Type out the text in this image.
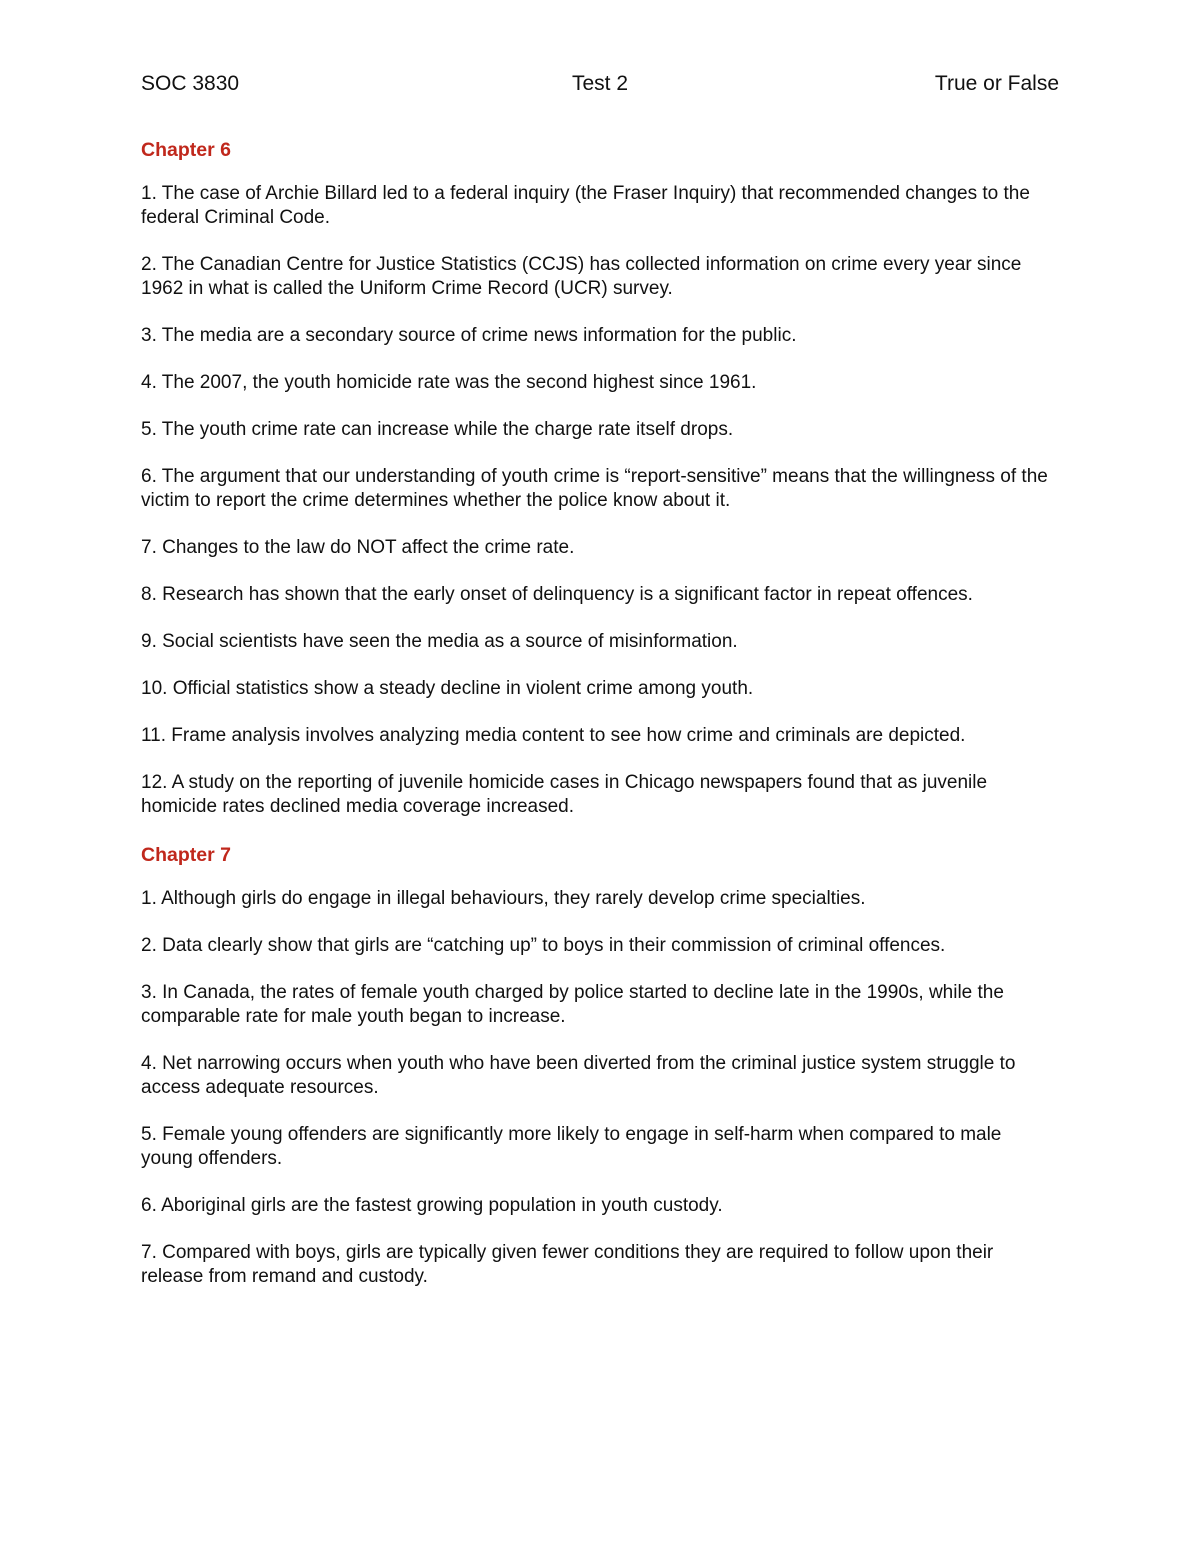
SOC 3830	Test 2	True or False
Chapter 6

1. The case of Archie Billard led to a federal inquiry (the Fraser Inquiry) that recommended changes to the federal Criminal Code.

2. The Canadian Centre for Justice Statistics (CCJS) has collected information on crime every year since 1962 in what is called the Uniform Crime Record (UCR) survey.

3. The media are a secondary source of crime news information for the public.

4. The 2007, the youth homicide rate was the second highest since 1961.

5. The youth crime rate can increase while the charge rate itself drops.

6. The argument that our understanding of youth crime is “report-sensitive” means that the willingness of the victim to report the crime determines whether the police know about it.

7. Changes to the law do NOT affect the crime rate.

8. Research has shown that the early onset of delinquency is a significant factor in repeat offences.

9. Social scientists have seen the media as a source of misinformation.

10. Official statistics show a steady decline in violent crime among youth.

11. Frame analysis involves analyzing media content to see how crime and criminals are depicted.

12. A study on the reporting of juvenile homicide cases in Chicago newspapers found that as juvenile homicide rates declined media coverage increased.

Chapter 7

1. Although girls do engage in illegal behaviours, they rarely develop crime specialties.

2. Data clearly show that girls are “catching up” to boys in their commission of criminal offences.

3. In Canada, the rates of female youth charged by police started to decline late in the 1990s, while the comparable rate for male youth began to increase.

4. Net narrowing occurs when youth who have been diverted from the criminal justice system struggle to access adequate resources.

5. Female young offenders are significantly more likely to engage in self-harm when compared to male young offenders.

6. Aboriginal girls are the fastest growing population in youth custody.

7. Compared with boys, girls are typically given fewer conditions they are required to follow upon their release from remand and custody.
